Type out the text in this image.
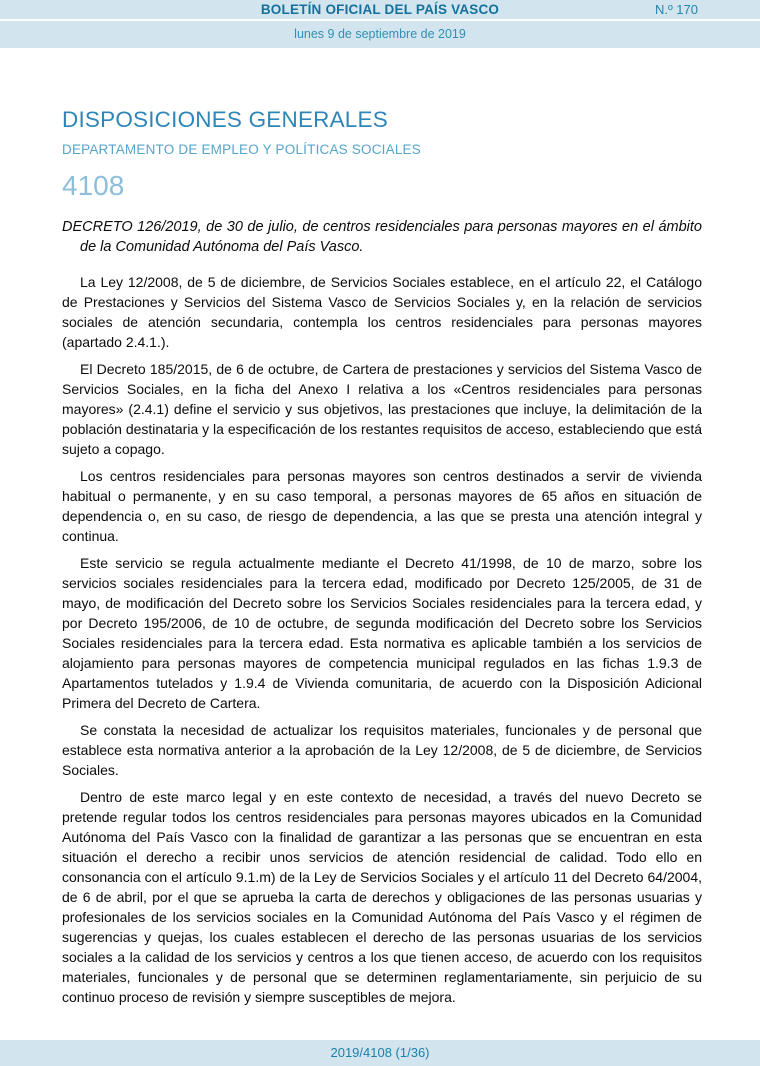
BOLETÍN OFICIAL DEL PAÍS VASCO	N.º 170
lunes 9 de septiembre de 2019
DISPOSICIONES GENERALES
DEPARTAMENTO DE EMPLEO Y POLÍTICAS SOCIALES
4108

DECRETO 126/2019, de 30 de julio, de centros residenciales para personas mayores en el ámbito de la Comunidad Autónoma del País Vasco.

La Ley 12/2008, de 5 de diciembre, de Servicios Sociales establece, en el artículo 22, el Catálogo de Prestaciones y Servicios del Sistema Vasco de Servicios Sociales y, en la relación de servicios sociales de atención secundaria, contempla los centros residenciales para personas mayores (apartado 2.4.1.).

El Decreto 185/2015, de 6 de octubre, de Cartera de prestaciones y servicios del Sistema Vasco de Servicios Sociales, en la ficha del Anexo I relativa a los «Centros residenciales para personas mayores» (2.4.1) define el servicio y sus objetivos, las prestaciones que incluye, la delimitación de la población destinataria y la especificación de los restantes requisitos de acceso, estableciendo que está sujeto a copago.

Los centros residenciales para personas mayores son centros destinados a servir de vivienda habitual o permanente, y en su caso temporal, a personas mayores de 65 años en situación de dependencia o, en su caso, de riesgo de dependencia, a las que se presta una atención integral y continua.

Este servicio se regula actualmente mediante el Decreto 41/1998, de 10 de marzo, sobre los servicios sociales residenciales para la tercera edad, modificado por Decreto 125/2005, de 31 de mayo, de modificación del Decreto sobre los Servicios Sociales residenciales para la tercera edad, y por Decreto 195/2006, de 10 de octubre, de segunda modificación del Decreto sobre los Servicios Sociales residenciales para la tercera edad. Esta normativa es aplicable también a los servicios de alojamiento para personas mayores de competencia municipal regulados en las fichas 1.9.3 de Apartamentos tutelados y 1.9.4 de Vivienda comunitaria, de acuerdo con la Disposición Adicional Primera del Decreto de Cartera.

Se constata la necesidad de actualizar los requisitos materiales, funcionales y de personal que establece esta normativa anterior a la aprobación de la Ley 12/2008, de 5 de diciembre, de Servicios Sociales.

Dentro de este marco legal y en este contexto de necesidad, a través del nuevo Decreto se pretende regular todos los centros residenciales para personas mayores ubicados en la Comunidad Autónoma del País Vasco con la finalidad de garantizar a las personas que se encuentran en esta situación el derecho a recibir unos servicios de atención residencial de calidad. Todo ello en consonancia con el artículo 9.1.m) de la Ley de Servicios Sociales y el artículo 11 del Decreto 64/2004, de 6 de abril, por el que se aprueba la carta de derechos y obligaciones de las personas usuarias y profesionales de los servicios sociales en la Comunidad Autónoma del País Vasco y el régimen de sugerencias y quejas, los cuales establecen el derecho de las personas usuarias de los servicios sociales a la calidad de los servicios y centros a los que tienen acceso, de acuerdo con los requisitos materiales, funcionales y de personal que se determinen reglamentariamente, sin perjuicio de su continuo proceso de revisión y siempre susceptibles de mejora.

2019/4108 (1/36)
